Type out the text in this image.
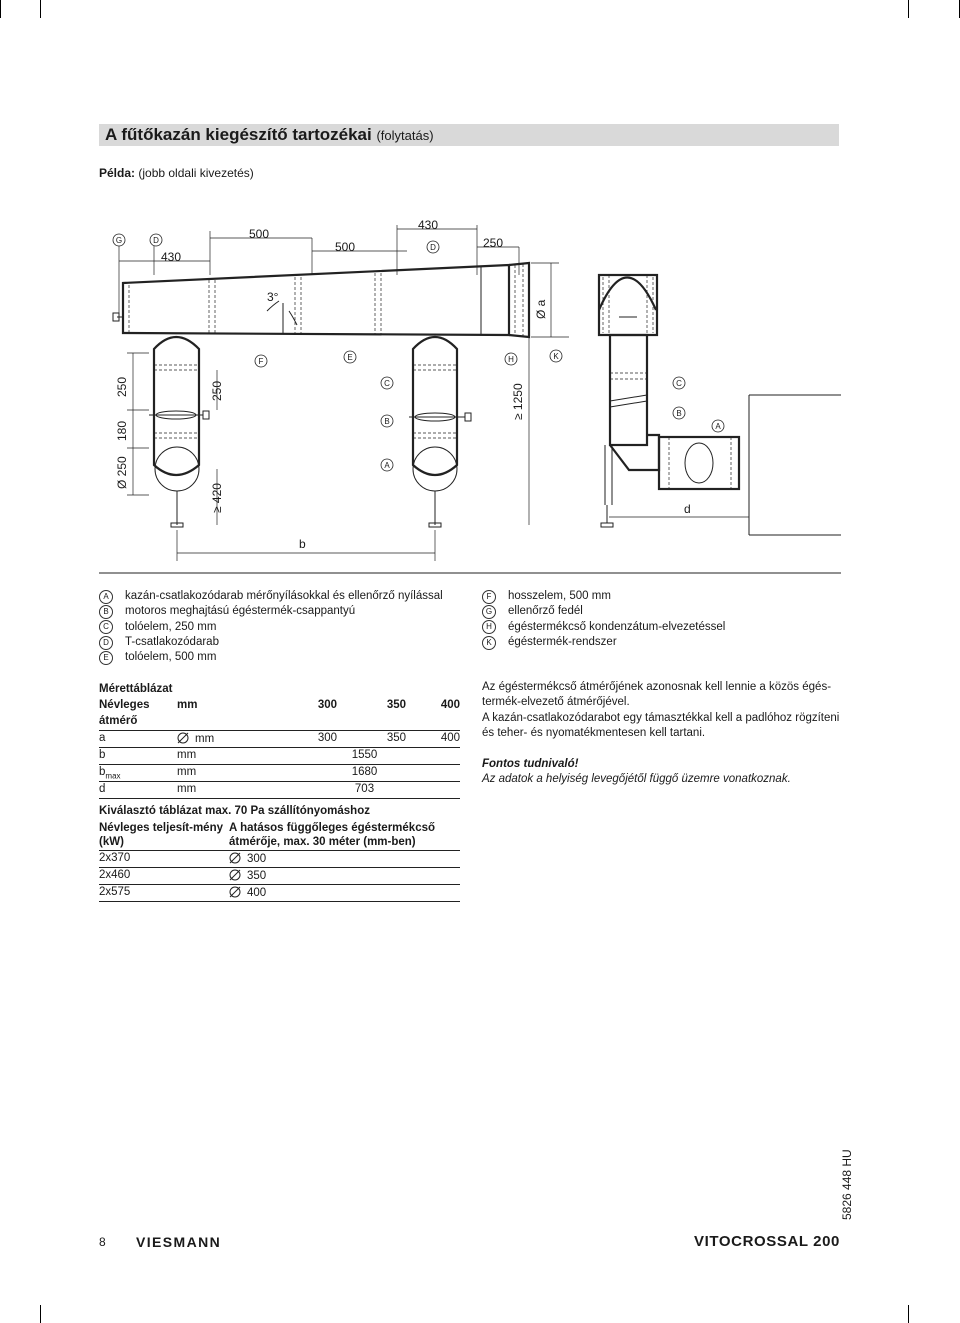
A fűtőkazán kiegészítő tartozékai (folytatás)
Példa: (jobb oldali kivezetés)
430
500
500
430
250
G	D
D
3°
Ø a
F	E	H	K
250
180
Ø 250
250
≥ 420
C
B
A
≥ 1250
b
C
B
A
d
A	kazán-csatlakozódarab mérőnyílásokkal és ellenőrző nyílással
B	motoros meghajtású égéstermék-csappantyú
C	tolóelem, 250 mm
D	T-csatlakozódarab
E	tolóelem, 500 mm
F	hosszelem, 500 mm
G	ellenőrző fedél
H	égéstermékcső kondenzátum-elvezetéssel
K	égéstermék-rendszer
Mérettáblázat				
Névleges	mm	300	350	400
átmérő				
a	mm	300	350	400
b	mm	1550		
$b_{max}$	mm	1680		
d	mm	703		
Kiválasztó táblázat max. 70 Pa szállítónyomáshoz	
Névleges teljesít-mény (kW)	A hatásos függőleges égéstermékcső átmérője, max. 30 méter (mm-ben)
2x370	300
2x460	350
2x575	400

Az égéstermékcső átmérőjének azonosnak kell lennie a közös égés-termék-elvezető átmérőjével.

A kazán-csatlakozódarabot egy támasztékkal kell a padlóhoz rögzíteni és teher- és nyomatékmentesen kell tartani.

Fontos tudnivaló!

Az adatok a helyiség levegőjétől függő üzemre vonatkoznak.

8 VIESMANN	VITOCROSSAL 200
5826 448 HU
